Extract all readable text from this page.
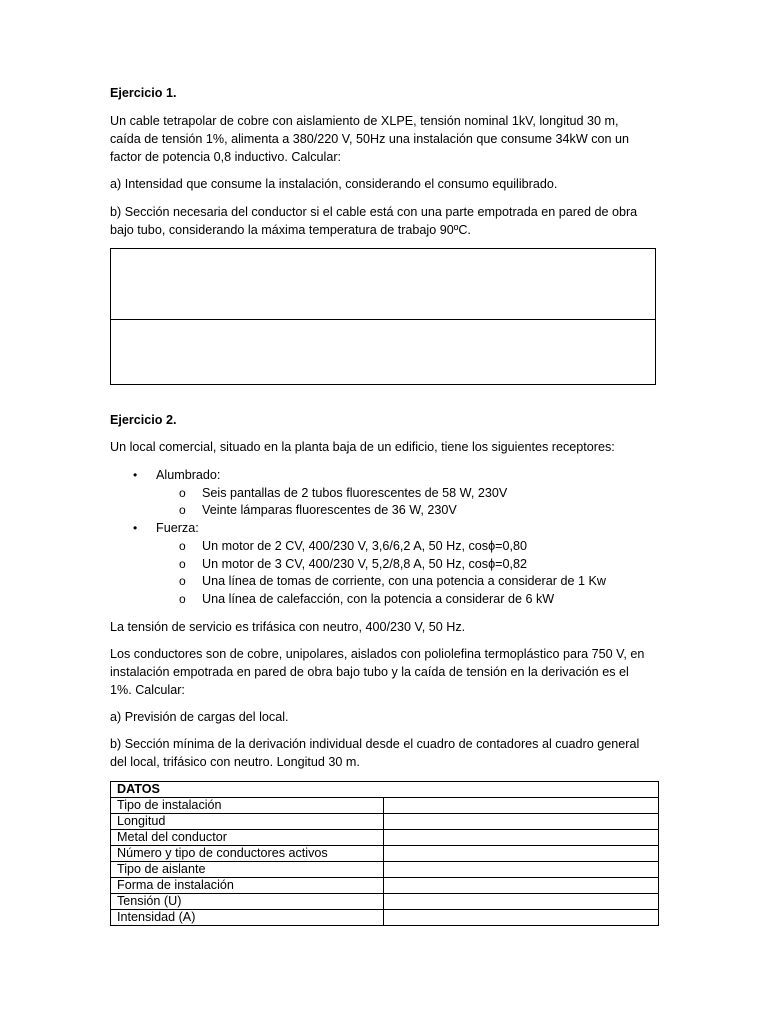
Ejercicio 1.
Un cable tetrapolar de cobre con aislamiento de XLPE, tensión nominal 1kV, longitud 30 m,
caída de tensión 1%, alimenta a 380/220 V, 50Hz una instalación que consume 34kW con un
factor de potencia 0,8 inductivo. Calcular:
a) Intensidad que consume la instalación, considerando el consumo equilibrado.
b) Sección necesaria del conductor si el cable está con una parte empotrada en pared de obra
bajo tubo, considerando la máxima temperatura de trabajo 90ºC.
Ejercicio 2.
Un local comercial, situado en la planta baja de un edificio, tiene los siguientes receptores:
• Alumbrado:
o Seis pantallas de 2 tubos fluorescentes de 58 W, 230V
o Veinte lámparas fluorescentes de 36 W, 230V
• Fuerza:
o Un motor de 2 CV, 400/230 V, 3,6/6,2 A, 50 Hz, cosϕ=0,80
o Un motor de 3 CV, 400/230 V, 5,2/8,8 A, 50 Hz, cosϕ=0,82
o Una línea de tomas de corriente, con una potencia a considerar de 1 Kw
o Una línea de calefacción, con la potencia a considerar de 6 kW
La tensión de servicio es trifásica con neutro, 400/230 V, 50 Hz.
Los conductores son de cobre, unipolares, aislados con poliolefina termoplástico para 750 V, en
instalación empotrada en pared de obra bajo tubo y la caída de tensión en la derivación es el
1%. Calcular:
a) Previsión de cargas del local.
b) Sección mínima de la derivación individual desde el cuadro de contadores al cuadro general
del local, trifásico con neutro. Longitud 30 m.
DATOS	
Tipo de instalación	
Longitud	
Metal del conductor	
Número y tipo de conductores activos	
Tipo de aislante	
Forma de instalación	
Tensión (U)	
Intensidad (A)	
